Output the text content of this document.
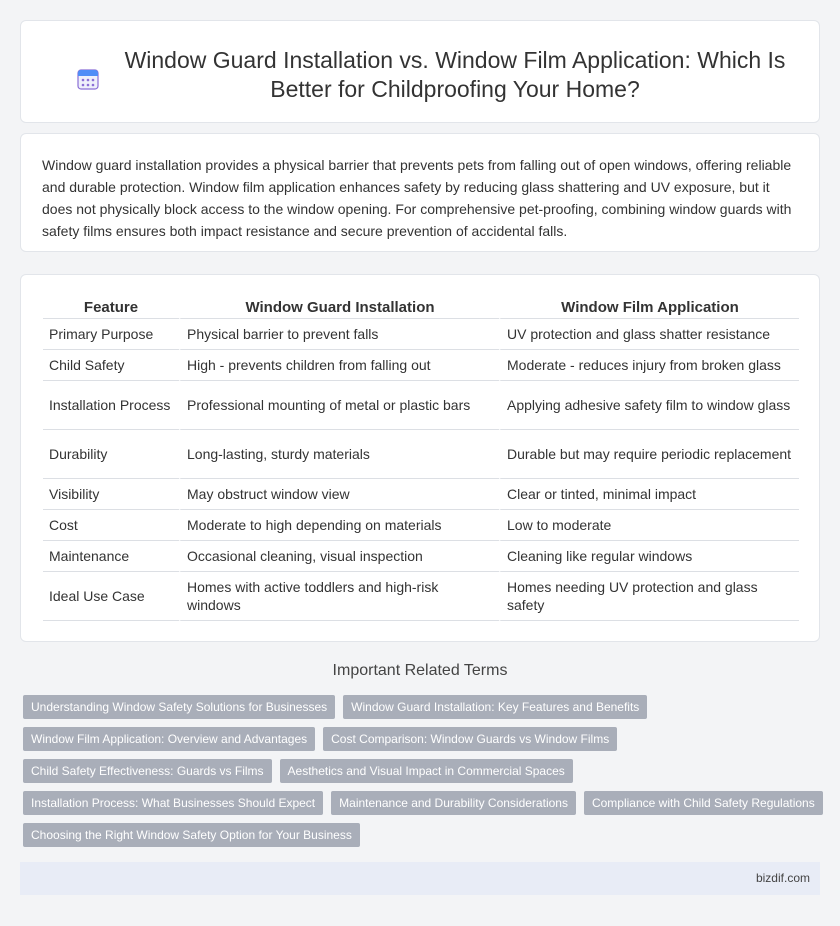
Window Guard Installation vs. Window Film Application: Which Is Better for Childproofing Your Home?

Window guard installation provides a physical barrier that prevents pets from falling out of open windows, offering reliable and durable protection. Window film application enhances safety by reducing glass shattering and UV exposure, but it does not physically block access to the window opening. For comprehensive pet-proofing, combining window guards with safety films ensures both impact resistance and secure prevention of accidental falls.

Feature	Window Guard Installation	Window Film Application
Primary Purpose	Physical barrier to prevent falls	UV protection and glass shatter resistance
Child Safety	High - prevents children from falling out	Moderate - reduces injury from broken glass
Installation Process	Professional mounting of metal or plastic bars	Applying adhesive safety film to window glass
Durability	Long-lasting, sturdy materials	Durable but may require periodic replacement
Visibility	May obstruct window view	Clear or tinted, minimal impact
Cost	Moderate to high depending on materials	Low to moderate
Maintenance	Occasional cleaning, visual inspection	Cleaning like regular windows
Ideal Use Case	Homes with active toddlers and high-risk windows	Homes needing UV protection and glass safety
Important Related Terms
Understanding Window Safety Solutions for Businesses	Window Guard Installation: Key Features and Benefits
Window Film Application: Overview and Advantages	Cost Comparison: Window Guards vs Window Films
Child Safety Effectiveness: Guards vs Films	Aesthetics and Visual Impact in Commercial Spaces
Installation Process: What Businesses Should Expect	Maintenance and Durability Considerations	Compliance with Child Safety Regulations
Choosing the Right Window Safety Option for Your Business
bizdif.com
